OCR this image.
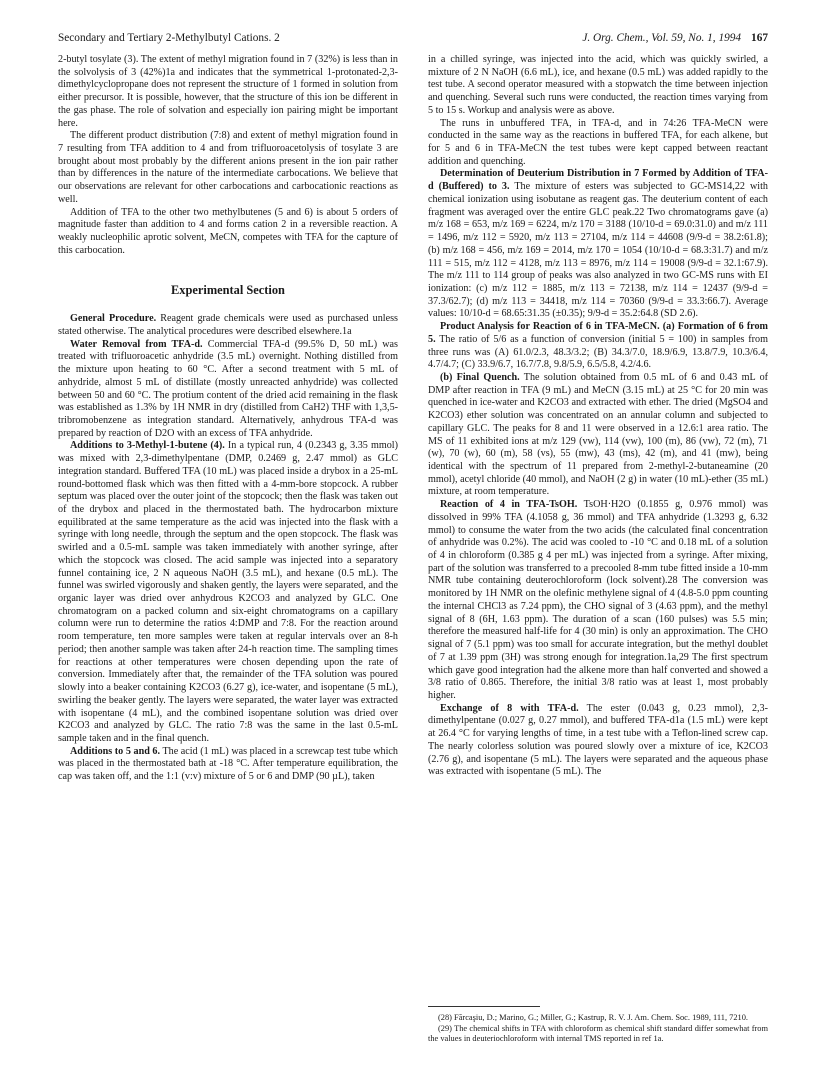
Secondary and Tertiary 2-Methylbutyl Cations. 2	J. Org. Chem., Vol. 59, No. 1, 1994 167

2-butyl tosylate (3). The extent of methyl migration found in 7 (32%) is less than in the solvolysis of 3 (42%)1a and indicates that the symmetrical 1-protonated-2,3-dimethylcyclopropane does not represent the structure of 1 formed in solution from either precursor. It is possible, however, that the structure of this ion be different in the gas phase. The role of solvation and especially ion pairing might be important here.

The different product distribution (7:8) and extent of methyl migration found in 7 resulting from TFA addition to 4 and from trifluoroacetolysis of tosylate 3 are brought about most probably by the different anions present in the ion pair rather than by differences in the nature of the intermediate carbocations. We believe that our observations are relevant for other carbocations and carbocationic reactions as well.

Addition of TFA to the other two methylbutenes (5 and 6) is about 5 orders of magnitude faster than addition to 4 and forms cation 2 in a reversible reaction. A weakly nucleophilic aprotic solvent, MeCN, competes with TFA for the capture of this carbocation.

Experimental Section

General Procedure. Reagent grade chemicals were used as purchased unless stated otherwise. The analytical procedures were described elsewhere.1a

Water Removal from TFA-d. Commercial TFA-d (99.5% D, 50 mL) was treated with trifluoroacetic anhydride (3.5 mL) overnight. Nothing distilled from the mixture upon heating to 60 °C. After a second treatment with 5 mL of anhydride, almost 5 mL of distillate (mostly unreacted anhydride) was collected between 50 and 60 °C. The protium content of the dried acid remaining in the flask was established as 1.3% by 1H NMR in dry (distilled from CaH2) THF with 1,3,5-tribromobenzene as integration standard. Alternatively, anhydrous TFA-d was prepared by reaction of D2O with an excess of TFA anhydride.

Additions to 3-Methyl-1-butene (4). In a typical run, 4 (0.2343 g, 3.35 mmol) was mixed with 2,3-dimethylpentane (DMP, 0.2469 g, 2.47 mmol) as GLC integration standard. Buffered TFA (10 mL) was placed inside a drybox in a 25-mL round-bottomed flask which was then fitted with a 4-mm-bore stopcock. A rubber septum was placed over the outer joint of the stopcock; then the flask was taken out of the drybox and placed in the thermostated bath. The hydrocarbon mixture equilibrated at the same temperature as the acid was injected into the flask with a syringe with long needle, through the septum and the open stopcock. The flask was swirled and a 0.5-mL sample was taken immediately with another syringe, after which the stopcock was closed. The acid sample was injected into a separatory funnel containing ice, 2 N aqueous NaOH (3.5 mL), and hexane (0.5 mL). The funnel was swirled vigorously and shaken gently, the layers were separated, and the organic layer was dried over anhydrous K2CO3 and analyzed by GLC. One chromatogram on a packed column and six-eight chromatograms on a capillary column were run to determine the ratios 4:DMP and 7:8. For the reaction around room temperature, ten more samples were taken at regular intervals over an 8-h period; then another sample was taken after 24-h reaction time. The sampling times for reactions at other temperatures were chosen depending upon the rate of conversion. Immediately after that, the remainder of the TFA solution was poured slowly into a beaker containing K2CO3 (6.27 g), ice-water, and isopentane (5 mL), swirling the beaker gently. The layers were separated, the water layer was extracted with isopentane (4 mL), and the combined isopentane solution was dried over K2CO3 and analyzed by GLC. The ratio 7:8 was the same in the last 0.5-mL sample taken and in the final quench.

Additions to 5 and 6. The acid (1 mL) was placed in a screwcap test tube which was placed in the thermostated bath at -18 °C. After temperature equilibration, the cap was taken off, and the 1:1 (v:v) mixture of 5 or 6 and DMP (90 µL), taken

in a chilled syringe, was injected into the acid, which was quickly swirled, a mixture of 2 N NaOH (6.6 mL), ice, and hexane (0.5 mL) was added rapidly to the test tube. A second operator measured with a stopwatch the time between injection and quenching. Several such runs were conducted, the reaction times varying from 5 to 15 s. Workup and analysis were as above.

The runs in unbuffered TFA, in TFA-d, and in 74:26 TFA-MeCN were conducted in the same way as the reactions in buffered TFA, for each alkene, but for 5 and 6 in TFA-MeCN the test tubes were kept capped between reactant addition and quenching.

Determination of Deuterium Distribution in 7 Formed by Addition of TFA-d (Buffered) to 3. The mixture of esters was subjected to GC-MS14,22 with chemical ionization using isobutane as reagent gas. The deuterium content of each fragment was averaged over the entire GLC peak.22 Two chromatograms gave (a) m/z 168 = 653, m/z 169 = 6224, m/z 170 = 3188 (10/10-d = 69.0:31.0) and m/z 111 = 1496, m/z 112 = 5920, m/z 113 = 27104, m/z 114 = 44608 (9/9-d = 38.2:61.8); (b) m/z 168 = 456, m/z 169 = 2014, m/z 170 = 1054 (10/10-d = 68.3:31.7) and m/z 111 = 515, m/z 112 = 4128, m/z 113 = 8976, m/z 114 = 19008 (9/9-d = 32.1:67.9). The m/z 111 to 114 group of peaks was also analyzed in two GC-MS runs with EI ionization: (c) m/z 112 = 1885, m/z 113 = 72138, m/z 114 = 12437 (9/9-d = 37.3/62.7); (d) m/z 113 = 34418, m/z 114 = 70360 (9/9-d = 33.3:66.7). Average values: 10/10-d = 68.65:31.35 (±0.35); 9/9-d = 35.2:64.8 (SD 2.6).

Product Analysis for Reaction of 6 in TFA-MeCN. (a) Formation of 6 from 5. The ratio of 5/6 as a function of conversion (initial 5 = 100) in samples from three runs was (A) 61.0/2.3, 48.3/3.2; (B) 34.3/7.0, 18.9/6.9, 13.8/7.9, 10.3/6.4, 4.7/4.7; (C) 33.9/6.7, 16.7/7.8, 9.8/5.9, 6.5/5.8, 4.2/4.6.

(b) Final Quench. The solution obtained from 0.5 mL of 6 and 0.43 mL of DMP after reaction in TFA (9 mL) and MeCN (3.15 mL) at 25 °C for 20 min was quenched in ice-water and K2CO3 and extracted with ether. The dried (MgSO4 and K2CO3) ether solution was concentrated on an annular column and subjected to capillary GLC. The peaks for 8 and 11 were observed in a 12.6:1 area ratio. The MS of 11 exhibited ions at m/z 129 (vw), 114 (vw), 100 (m), 86 (vw), 72 (m), 71 (w), 70 (w), 60 (m), 58 (vs), 55 (mw), 43 (ms), 42 (m), and 41 (mw), being identical with the spectrum of 11 prepared from 2-methyl-2-butaneamine (20 mmol), acetyl chloride (40 mmol), and NaOH (2 g) in water (10 mL)-ether (35 mL) mixture, at room temperature.

Reaction of 4 in TFA-TsOH. TsOH·H2O (0.1855 g, 0.976 mmol) was dissolved in 99% TFA (4.1058 g, 36 mmol) and TFA anhydride (1.3293 g, 6.32 mmol) to consume the water from the two acids (the calculated final concentration of anhydride was 0.2%). The acid was cooled to -10 °C and 0.18 mL of a solution of 4 in chloroform (0.385 g 4 per mL) was injected from a syringe. After mixing, part of the solution was transferred to a precooled 8-mm tube fitted inside a 10-mm NMR tube containing deuterochloroform (lock solvent).28 The conversion was monitored by 1H NMR on the olefinic methylene signal of 4 (4.8-5.0 ppm counting the internal CHCl3 as 7.24 ppm), the CHO signal of 3 (4.63 ppm), and the methyl signal of 8 (6H, 1.63 ppm). The duration of a scan (160 pulses) was 5.5 min; therefore the measured half-life for 4 (30 min) is only an approximation. The CHO signal of 7 (5.1 ppm) was too small for accurate integration, but the methyl doublet of 7 at 1.39 ppm (3H) was strong enough for integration.1a,29 The first spectrum which gave good integration had the alkene more than half converted and showed a 3/8 ratio of 0.865. Therefore, the initial 3/8 ratio was at least 1, most probably higher.

Exchange of 8 with TFA-d. The ester (0.043 g, 0.23 mmol), 2,3-dimethylpentane (0.027 g, 0.27 mmol), and buffered TFA-d1a (1.5 mL) were kept at 26.4 °C for varying lengths of time, in a test tube with a Teflon-lined screw cap. The nearly colorless solution was poured slowly over a mixture of ice, K2CO3 (2.76 g), and isopentane (5 mL). The layers were separated and the aqueous phase was extracted with isopentane (5 mL). The

(28) Fărcaşiu, D.; Marino, G.; Miller, G.; Kastrup, R. V. J. Am. Chem. Soc. 1989, 111, 7210.

(29) The chemical shifts in TFA with chloroform as chemical shift standard differ somewhat from the values in deuteriochloroform with internal TMS reported in ref 1a.
